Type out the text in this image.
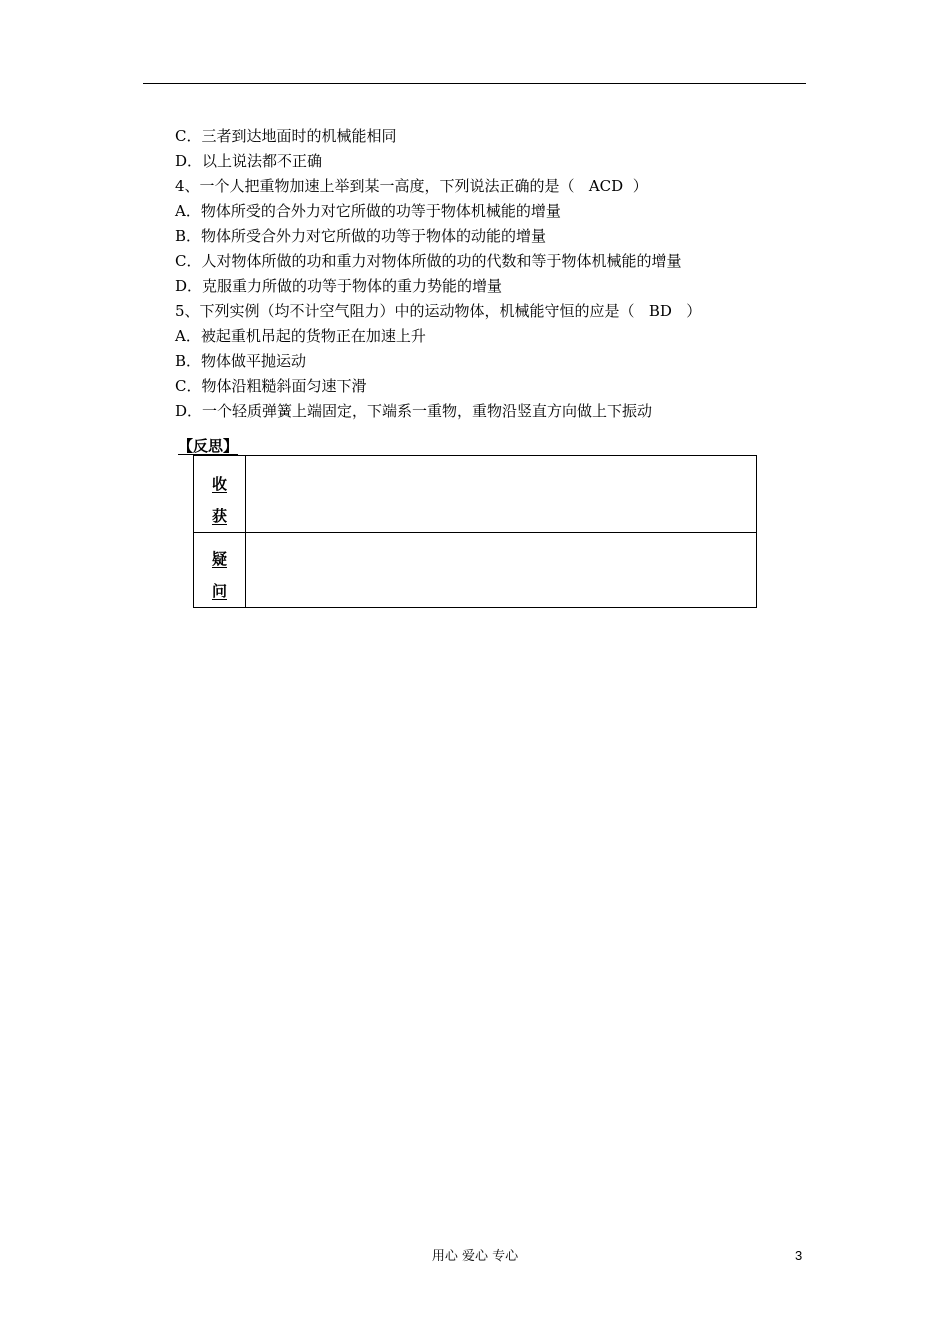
C．三者到达地面时的机械能相同
D．以上说法都不正确
4、一个人把重物加速上举到某一高度，下列说法正确的是（   ACD  ）
A．物体所受的合外力对它所做的功等于物体机械能的增量
B．物体所受合外力对它所做的功等于物体的动能的增量
C．人对物体所做的功和重力对物体所做的功的代数和等于物体机械能的增量
D．克服重力所做的功等于物体的重力势能的增量
5、下列实例（均不计空气阻力）中的运动物体，机械能守恒的应是（   BD   ）
A．被起重机吊起的货物正在加速上升
B．物体做平抛运动
C．物体沿粗糙斜面匀速下滑
D．一个轻质弹簧上端固定，下端系一重物，重物沿竖直方向做上下振动
【反思】
收
获	

疑
问	

用心 爱心 专心	3
